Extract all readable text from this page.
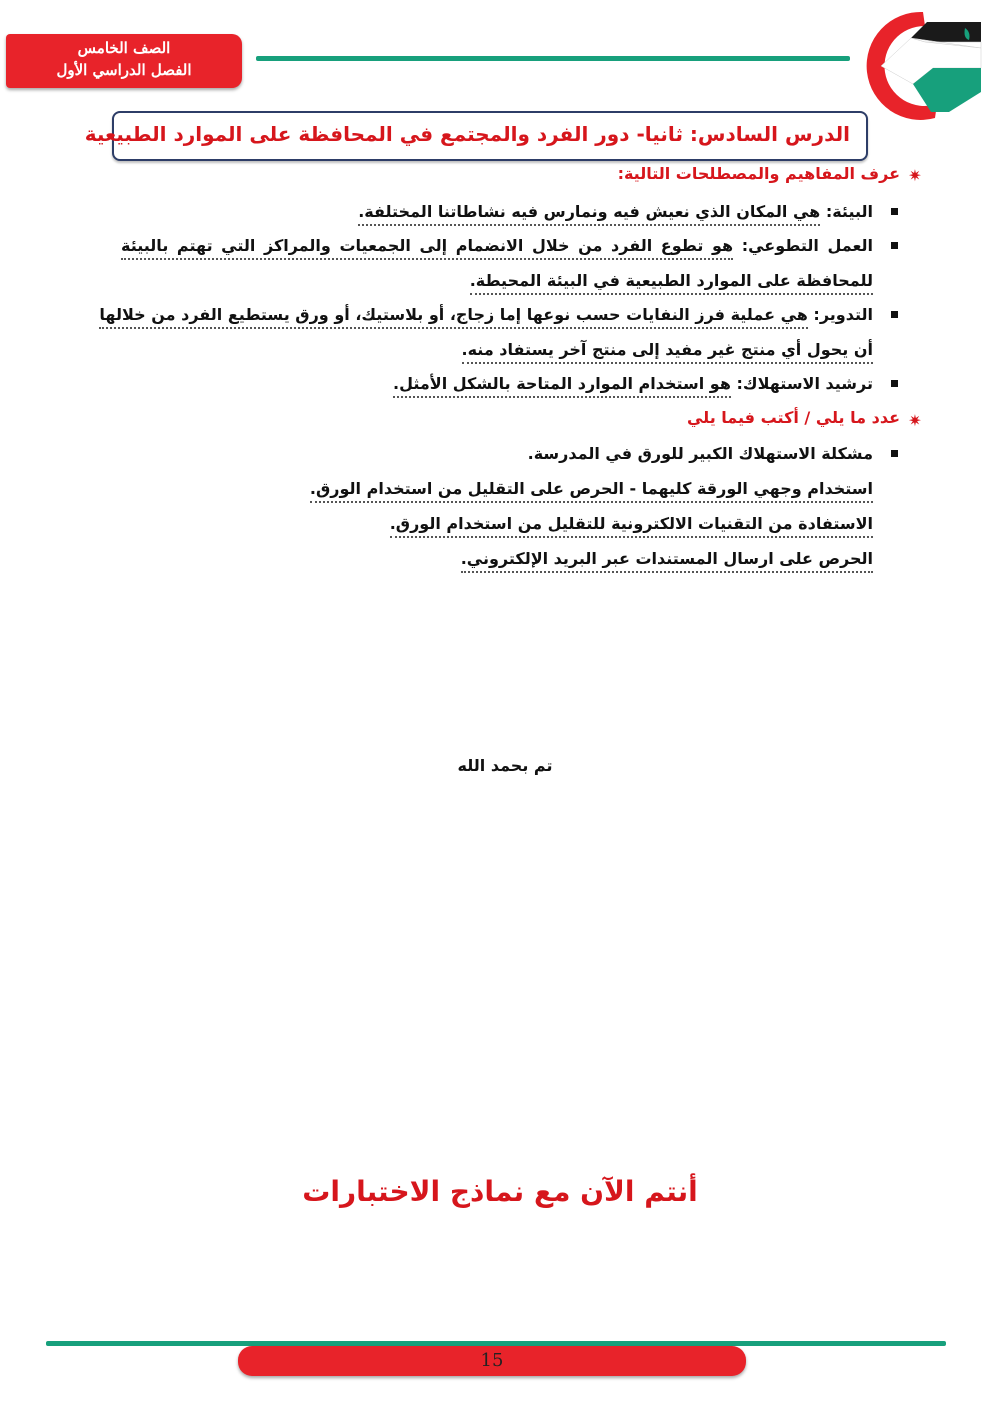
الصف الخامس
الفصل الدراسي الأول
الدرس السادس: ثانيا- دور الفرد والمجتمع في المحافظة على الموارد الطبيعية
✷
عرف المفاهيم والمصطلحات التالية:
البيئة: هي المكان الذي نعيش فيه ونمارس فيه نشاطاتنا المختلفة.
العمل التطوعي: هو تطوع الفرد من خلال الانضمام إلى الجمعيات والمراكز التي تهتم بالبيئة
للمحافظة على الموارد الطبيعية في البيئة المحيطة.
التدوير: هي عملية فرز النفايات حسب نوعها إما زجاج، أو بلاستيك، أو ورق يستطيع الفرد من خلالها
أن يحول أي منتج غير مفيد إلى منتج آخر يستفاد منه.
ترشيد الاستهلاك: هو استخدام الموارد المتاحة بالشكل الأمثل.
✷
عدد ما يلي / أكتب فيما يلي
مشكلة الاستهلاك الكبير للورق في المدرسة.
استخدام وجهي الورقة كليهما - الحرص على التقليل من استخدام الورق.
الاستفادة من التقنيات الالكترونية للتقليل من استخدام الورق.
الحرص على ارسال المستندات عبر البريد الإلكتروني.
تم بحمد الله
أنتم الآن مع نماذج الاختبارات
15
